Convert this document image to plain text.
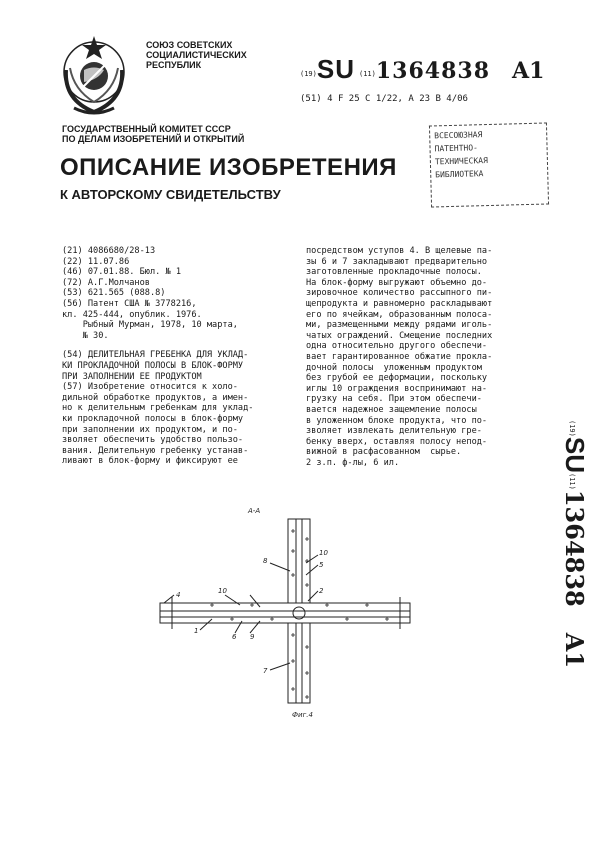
СОЮЗ СОВЕТСКИХ
СОЦИАЛИСТИЧЕСКИХ
РЕСПУБЛИК
(19)SU (11)1364838 A1
(51) 4 F 25 C 1/22, A 23 B 4/06
ГОСУДАРСТВЕННЫЙ КОМИТЕТ СССР
ПО ДЕЛАМ ИЗОБРЕТЕНИЙ И ОТКРЫТИЙ	ВСЕСОЮЗНАЯ
ПАТЕНТНО-
ТЕХНИЧЕСКАЯ
БИБЛИОТЕКА
ОПИСАНИЕ ИЗОБРЕТЕНИЯ
К АВТОРСКОМУ СВИДЕТЕЛЬСТВУ
(21) 4086680/28-13
(22) 11.07.86
(46) 07.01.88. Бюл. № 1
(72) А.Г.Молчанов
(53) 621.565 (088.8)
(56) Патент США № 3778216,
кл. 425-444, опублик. 1976.
Рыбный Мурман, 1978, 10 марта,
№ 30.
(54) ДЕЛИТЕЛЬНАЯ ГРЕБЕНКА ДЛЯ УКЛАД-
КИ ПРОКЛАДОЧНОЙ ПОЛОСЫ В БЛОК-ФОРМУ
ПРИ ЗАПОЛНЕНИИ ЕЕ ПРОДУКТОМ
(57) Изобретение относится к холо-
дильной обработке продуктов, а имен-
но к делительным гребенкам для уклад-
ки прокладочной полосы в блок-форму
при заполнении их продуктом, и по-
зволяет обеспечить удобство пользо-
вания. Делительную гребенку устанав-
ливают в блок-форму и фиксируют ее
посредством уступов 4. В щелевые па-
зы 6 и 7 закладывают предварительно
заготовленные прокладочные полосы.
На блок-форму выгружают объемно до-
зировочное количество рассыпного пи-
щепродукта и равномерно раскладывают
его по ячейкам, образованным полоса-
ми, размещенными между рядами иголь-
чатых ограждений. Смещение последних
одна относительно другого обеспечи-
вает гарантированное обжатие прокла-
дочной полосы  уложенным продуктом
без грубой ее деформации, поскольку
иглы 10 ограждения воспринимают на-
грузку на себя. При этом обеспечи-
вается надежное защемление полосы
в уложенном блоке продукта, что по-
зволяет извлекать делительную гре-
бенку вверх, оставляя полосу непод-
вижной в расфасованном  сырье.
2 з.п. ф-лы, 6 ил.
$^{(19)}$SU$^{(11)}$1364838A1
А-А
8
10
5
2
4
1
10
6
7
9
Фиг.4
